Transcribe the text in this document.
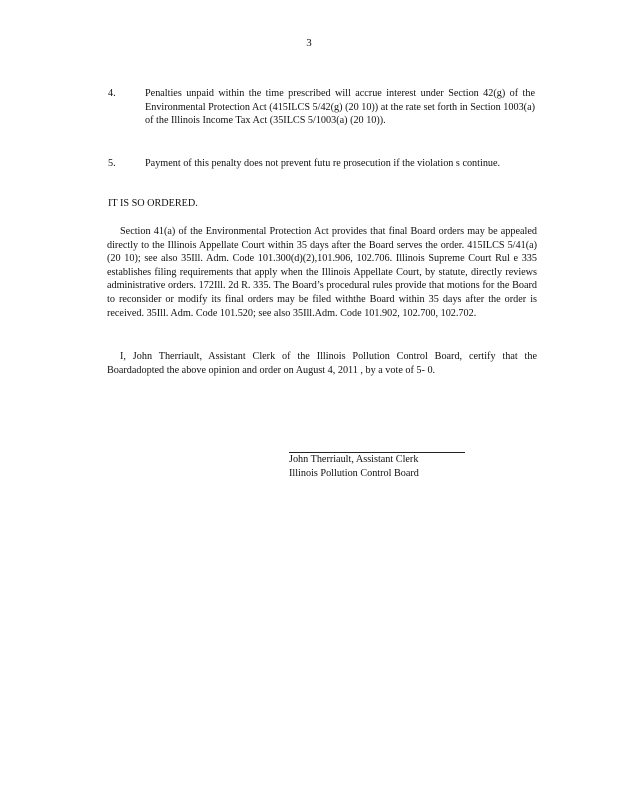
3
4.	Penalties unpaid within the time prescribed will accrue interest under Section 42(g) of the Environmental Protection Act (415ILCS 5/42(g) (20 10)) at the rate set forth in Section 1003(a) of the Illinois Income Tax Act (35ILCS 5/1003(a) (20 10)).
5.	Payment of this penalty does not prevent futu re prosecution if the violation s continue.
IT IS SO ORDERED.
Section 41(a) of the Environmental Protection Act provides that final Board orders may be appealed directly to the Illinois Appellate Court within 35 days after the Board serves the order. 415ILCS 5/41(a) (20 10); see also 35Ill. Adm. Code 101.300(d)(2),101.906, 102.706. Illinois Supreme Court Rul e 335 establishes filing requirements that apply when the Illinois Appellate Court, by statute, directly reviews administrative orders. 172Ill. 2d R. 335. The Board’s procedural rules provide that motions for the Board to reconsider or modify its final orders may be filed withthe Board within 35 days after the order is received. 35Ill. Adm. Code 101.520; see also 35Ill.Adm. Code 101.902, 102.700, 102.702.
I, John Therriault, Assistant Clerk of the Illinois Pollution Control Board, certify that the Boardadopted the above opinion and order on August 4, 2011 , by a vote of 5- 0.
John Therriault, Assistant Clerk
Illinois Pollution Control Board
